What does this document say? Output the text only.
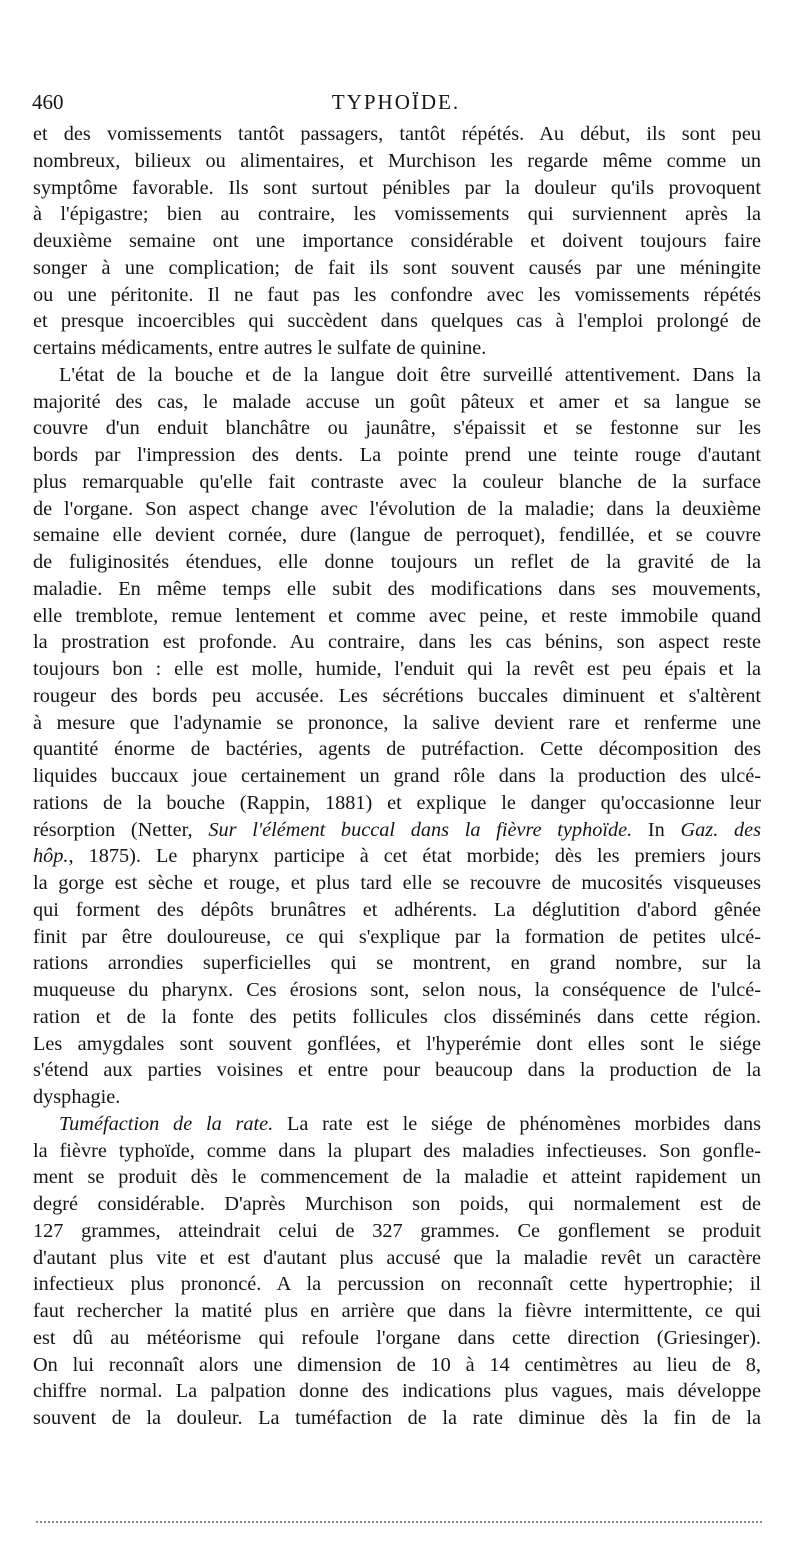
460	TYPHOÏDE.
et des vomissements tantôt passagers, tantôt répétés. Au début, ils sont peu
nombreux, bilieux ou alimentaires, et Murchison les regarde même comme un
symptôme favorable. Ils sont surtout pénibles par la douleur qu'ils provoquent
à l'épigastre; bien au contraire, les vomissements qui surviennent après la
deuxième semaine ont une importance considérable et doivent toujours faire
songer à une complication; de fait ils sont souvent causés par une méningite
ou une péritonite. Il ne faut pas les confondre avec les vomissements répétés
et presque incoercibles qui succèdent dans quelques cas à l'emploi prolongé de
certains médicaments, entre autres le sulfate de quinine.
L'état de la bouche et de la langue doit être surveillé attentivement. Dans la
majorité des cas, le malade accuse un goût pâteux et amer et sa langue se
couvre d'un enduit blanchâtre ou jaunâtre, s'épaissit et se festonne sur les
bords par l'impression des dents. La pointe prend une teinte rouge d'autant
plus remarquable qu'elle fait contraste avec la couleur blanche de la surface
de l'organe. Son aspect change avec l'évolution de la maladie; dans la deuxième
semaine elle devient cornée, dure (langue de perroquet), fendillée, et se couvre
de fuliginosités étendues, elle donne toujours un reflet de la gravité de la
maladie. En même temps elle subit des modifications dans ses mouvements,
elle tremblote, remue lentement et comme avec peine, et reste immobile quand
la prostration est profonde. Au contraire, dans les cas bénins, son aspect reste
toujours bon : elle est molle, humide, l'enduit qui la revêt est peu épais et la
rougeur des bords peu accusée. Les sécrétions buccales diminuent et s'altèrent
à mesure que l'adynamie se prononce, la salive devient rare et renferme une
quantité énorme de bactéries, agents de putréfaction. Cette décomposition des
liquides buccaux joue certainement un grand rôle dans la production des ulcé-
rations de la bouche (Rappin, 1881) et explique le danger qu'occasionne leur
résorption (Netter, Sur l'élément buccal dans la fièvre typhoïde. In Gaz. des
hôp., 1875). Le pharynx participe à cet état morbide; dès les premiers jours
la gorge est sèche et rouge, et plus tard elle se recouvre de mucosités visqueuses
qui forment des dépôts brunâtres et adhérents. La déglutition d'abord gênée
finit par être douloureuse, ce qui s'explique par la formation de petites ulcé-
rations arrondies superficielles qui se montrent, en grand nombre, sur la
muqueuse du pharynx. Ces érosions sont, selon nous, la conséquence de l'ulcé-
ration et de la fonte des petits follicules clos disséminés dans cette région.
Les amygdales sont souvent gonflées, et l'hyperémie dont elles sont le siége
s'étend aux parties voisines et entre pour beaucoup dans la production de la
dysphagie.
Tuméfaction de la rate. La rate est le siége de phénomènes morbides dans
la fièvre typhoïde, comme dans la plupart des maladies infectieuses. Son gonfle-
ment se produit dès le commencement de la maladie et atteint rapidement un
degré considérable. D'après Murchison son poids, qui normalement est de
127 grammes, atteindrait celui de 327 grammes. Ce gonflement se produit
d'autant plus vite et est d'autant plus accusé que la maladie revêt un caractère
infectieux plus prononcé. A la percussion on reconnaît cette hypertrophie; il
faut rechercher la matité plus en arrière que dans la fièvre intermittente, ce qui
est dû au météorisme qui refoule l'organe dans cette direction (Griesinger).
On lui reconnaît alors une dimension de 10 à 14 centimètres au lieu de 8,
chiffre normal. La palpation donne des indications plus vagues, mais développe
souvent de la douleur. La tuméfaction de la rate diminue dès la fin de la
